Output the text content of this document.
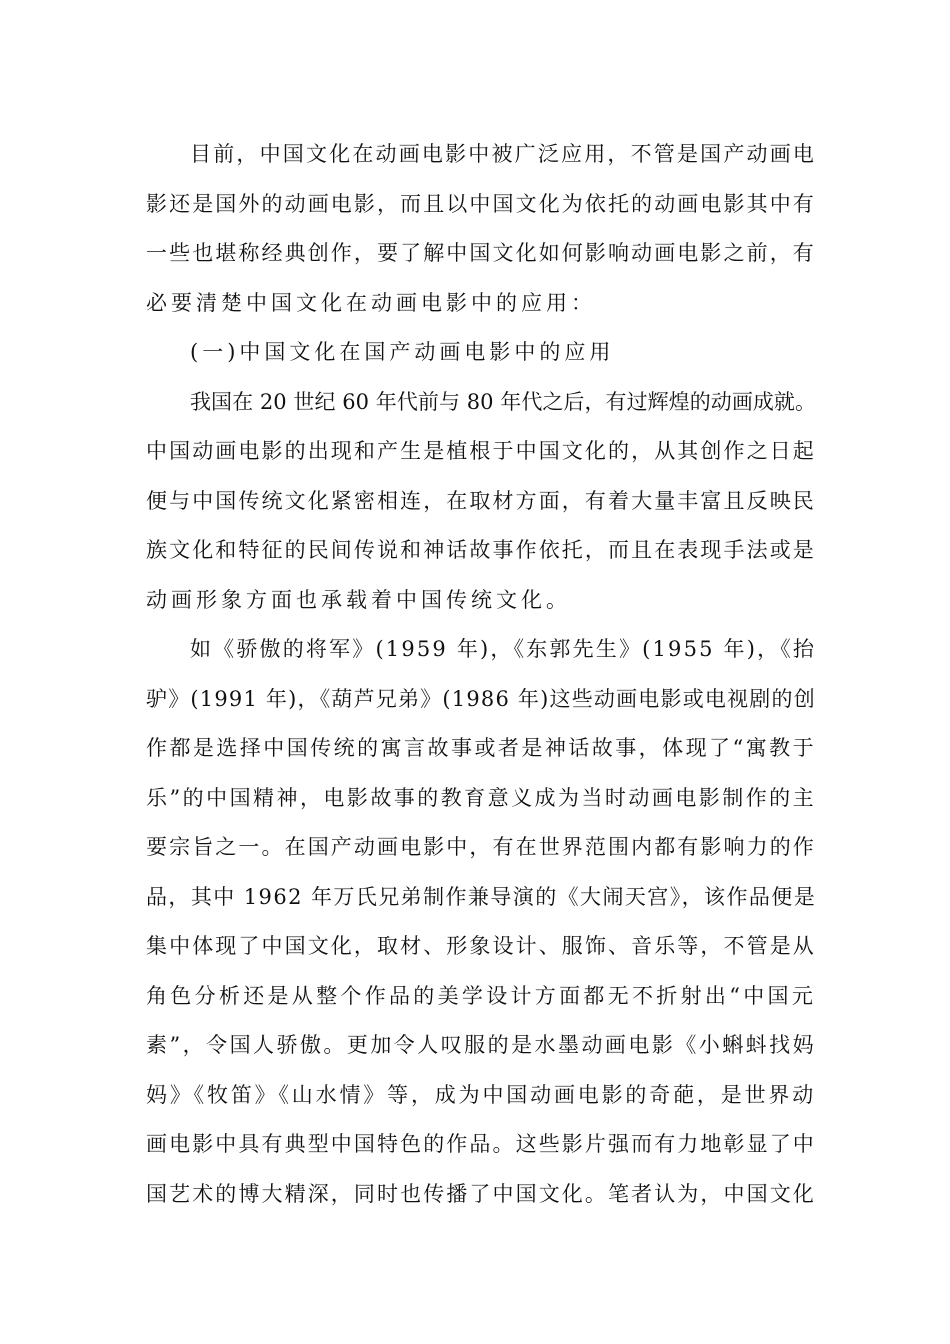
目前，中国文化在动画电影中被广泛应用，不管是国产动画电
影还是国外的动画电影，而且以中国文化为依托的动画电影其中有
一些也堪称经典创作，要了解中国文化如何影响动画电影之前，有
必要清楚中国文化在动画电影中的应用：
(一)中国文化在国产动画电影中的应用
我国在 20 世纪 60 年代前与 80 年代之后，有过辉煌的动画成就。
中国动画电影的出现和产生是植根于中国文化的，从其创作之日起
便与中国传统文化紧密相连，在取材方面，有着大量丰富且反映民
族文化和特征的民间传说和神话故事作依托，而且在表现手法或是
动画形象方面也承载着中国传统文化。
如《骄傲的将军》(1959 年)，《东郭先生》(1955 年)，《抬
驴》(1991 年)，《葫芦兄弟》(1986 年)这些动画电影或电视剧的创
作都是选择中国传统的寓言故事或者是神话故事，体现了“寓教于
乐”的中国精神，电影故事的教育意义成为当时动画电影制作的主
要宗旨之一。在国产动画电影中，有在世界范围内都有影响力的作
品，其中 1962 年万氏兄弟制作兼导演的《大闹天宫》，该作品便是
集中体现了中国文化，取材、形象设计、服饰、音乐等，不管是从
角色分析还是从整个作品的美学设计方面都无不折射出“中国元
素”，令国人骄傲。更加令人叹服的是水墨动画电影《小蝌蚪找妈
妈》《牧笛》《山水情》等，成为中国动画电影的奇葩，是世界动
画电影中具有典型中国特色的作品。这些影片强而有力地彰显了中
国艺术的博大精深，同时也传播了中国文化。笔者认为，中国文化
